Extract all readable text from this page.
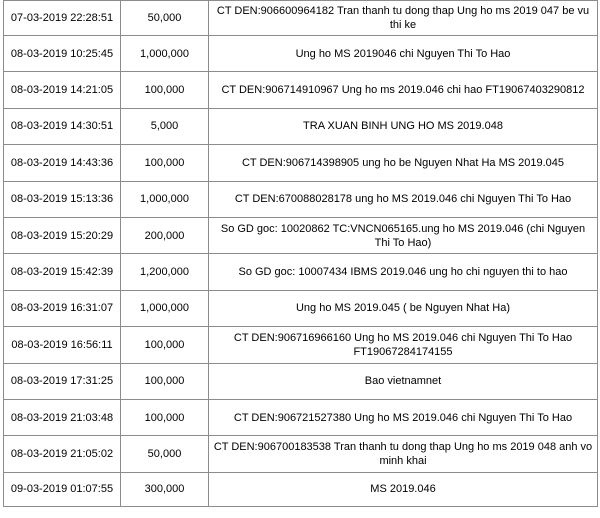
07-03-2019 22:28:51	50,000	CT DEN:906600964182 Tran thanh tu dong thap Ung ho ms 2019 047 be vu thi ke
08-03-2019 10:25:45	1,000,000	Ung ho MS 2019046 chi Nguyen Thi To Hao
08-03-2019 14:21:05	100,000	CT DEN:906714910967 Ung ho ms 2019.046 chi hao FT19067403290812
08-03-2019 14:30:51	5,000	TRA XUAN BINH UNG HO MS 2019.048
08-03-2019 14:43:36	100,000	CT DEN:906714398905 ung ho be Nguyen Nhat Ha MS 2019.045
08-03-2019 15:13:36	1,000,000	CT DEN:670088028178 ung ho MS 2019.046 chi Nguyen Thi To Hao
08-03-2019 15:20:29	200,000	So GD goc: 10020862 TC:VNCN065165.ung ho MS 2019.046 (chi Nguyen Thi To Hao)
08-03-2019 15:42:39	1,200,000	So GD goc: 10007434 IBMS 2019.046 ung ho chi nguyen thi to hao
08-03-2019 16:31:07	1,000,000	Ung ho MS 2019.045 ( be Nguyen Nhat Ha)
08-03-2019 16:56:11	100,000	CT DEN:906716966160 Ung ho MS 2019.046 chi Nguyen Thi To Hao FT19067284174155
08-03-2019 17:31:25	100,000	Bao vietnamnet
08-03-2019 21:03:48	100,000	CT DEN:906721527380 Ung ho MS 2019.046 chi Nguyen Thi To Hao
08-03-2019 21:05:02	50,000	CT DEN:906700183538 Tran thanh tu dong thap Ung ho ms 2019 048 anh vo minh khai
09-03-2019 01:07:55	300,000	MS 2019.046
